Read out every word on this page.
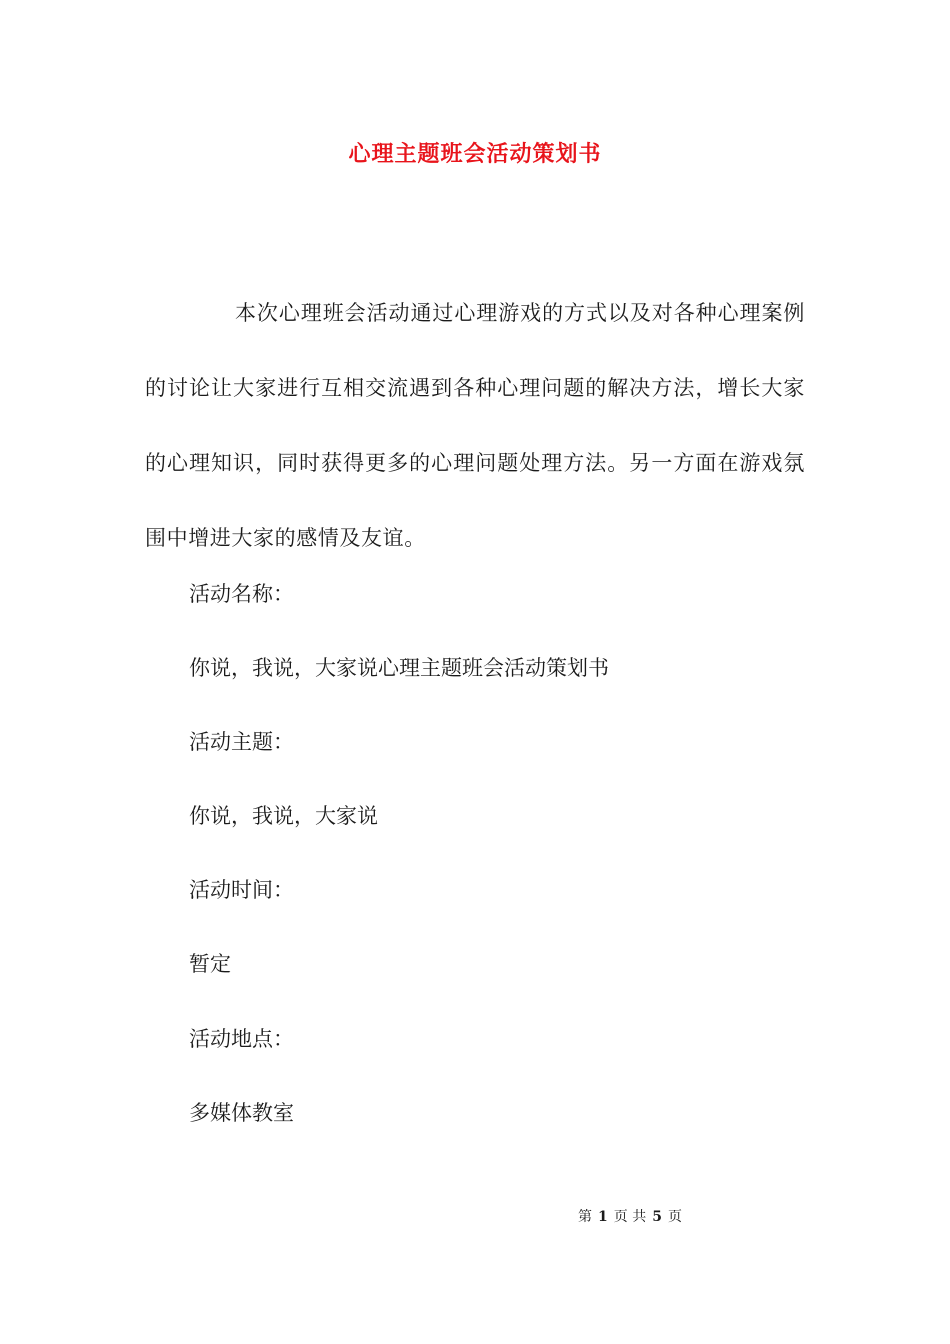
心理主题班会活动策划书
本次心理班会活动通过心理游戏的方式以及对各种心理案例的讨论让大家进行互相交流遇到各种心理问题的解决方法，增长大家的心理知识，同时获得更多的心理问题处理方法。另一方面在游戏氛围中增进大家的感情及友谊。
活动名称：
你说，我说，大家说心理主题班会活动策划书
活动主题：
你说，我说，大家说
活动时间：
暂定
活动地点：
多媒体教室
第 1 页 共 5 页
